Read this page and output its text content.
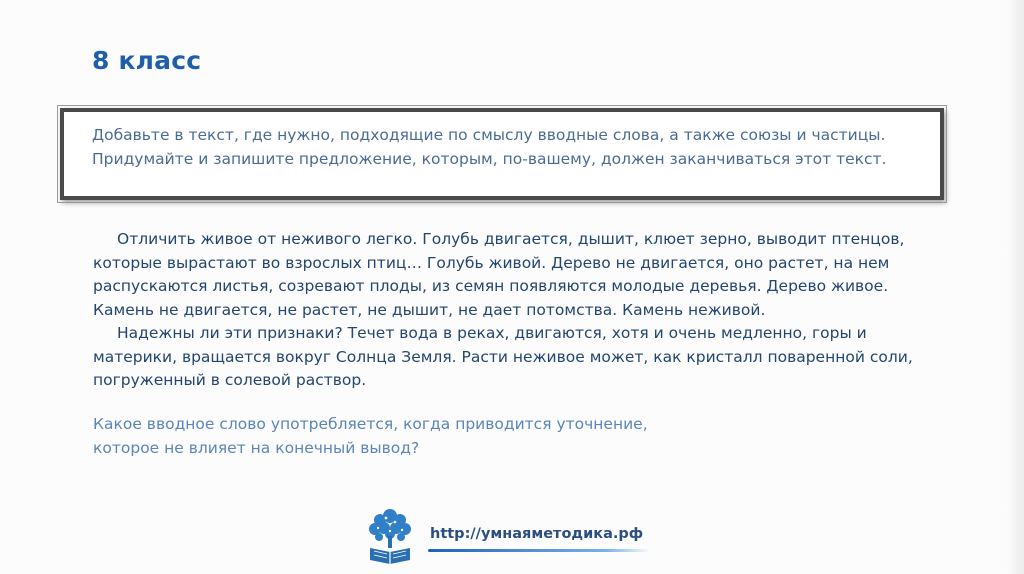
8 класс

Добавьте в текст, где нужно, подходящие по смыслу вводные слова, а также союзы и частицы. Придумайте и запишите предложение, которым, по-вашему, должен заканчиваться этот текст.

Отличить живое от неживого легко. Голубь двигается, дышит, клюет зерно, выводит птенцов, которые вырастают во взрослых птиц… Голубь живой. Дерево не двигается, оно растет, на нем распускаются листья, созревают плоды, из семян появляются молодые деревья. Дерево живое. Камень не двигается, не растет, не дышит, не дает потомства. Камень неживой.

Надежны ли эти признаки? Течет вода в реках, двигаются, хотя и очень медленно, горы и материки, вращается вокруг Солнца Земля. Расти неживое может, как кристалл поваренной соли, погруженный в солевой раствор.

Какое вводное слово употребляется, когда приводится уточнение,
которое не влияет на конечный вывод?
http://умнаяметодика.рф
